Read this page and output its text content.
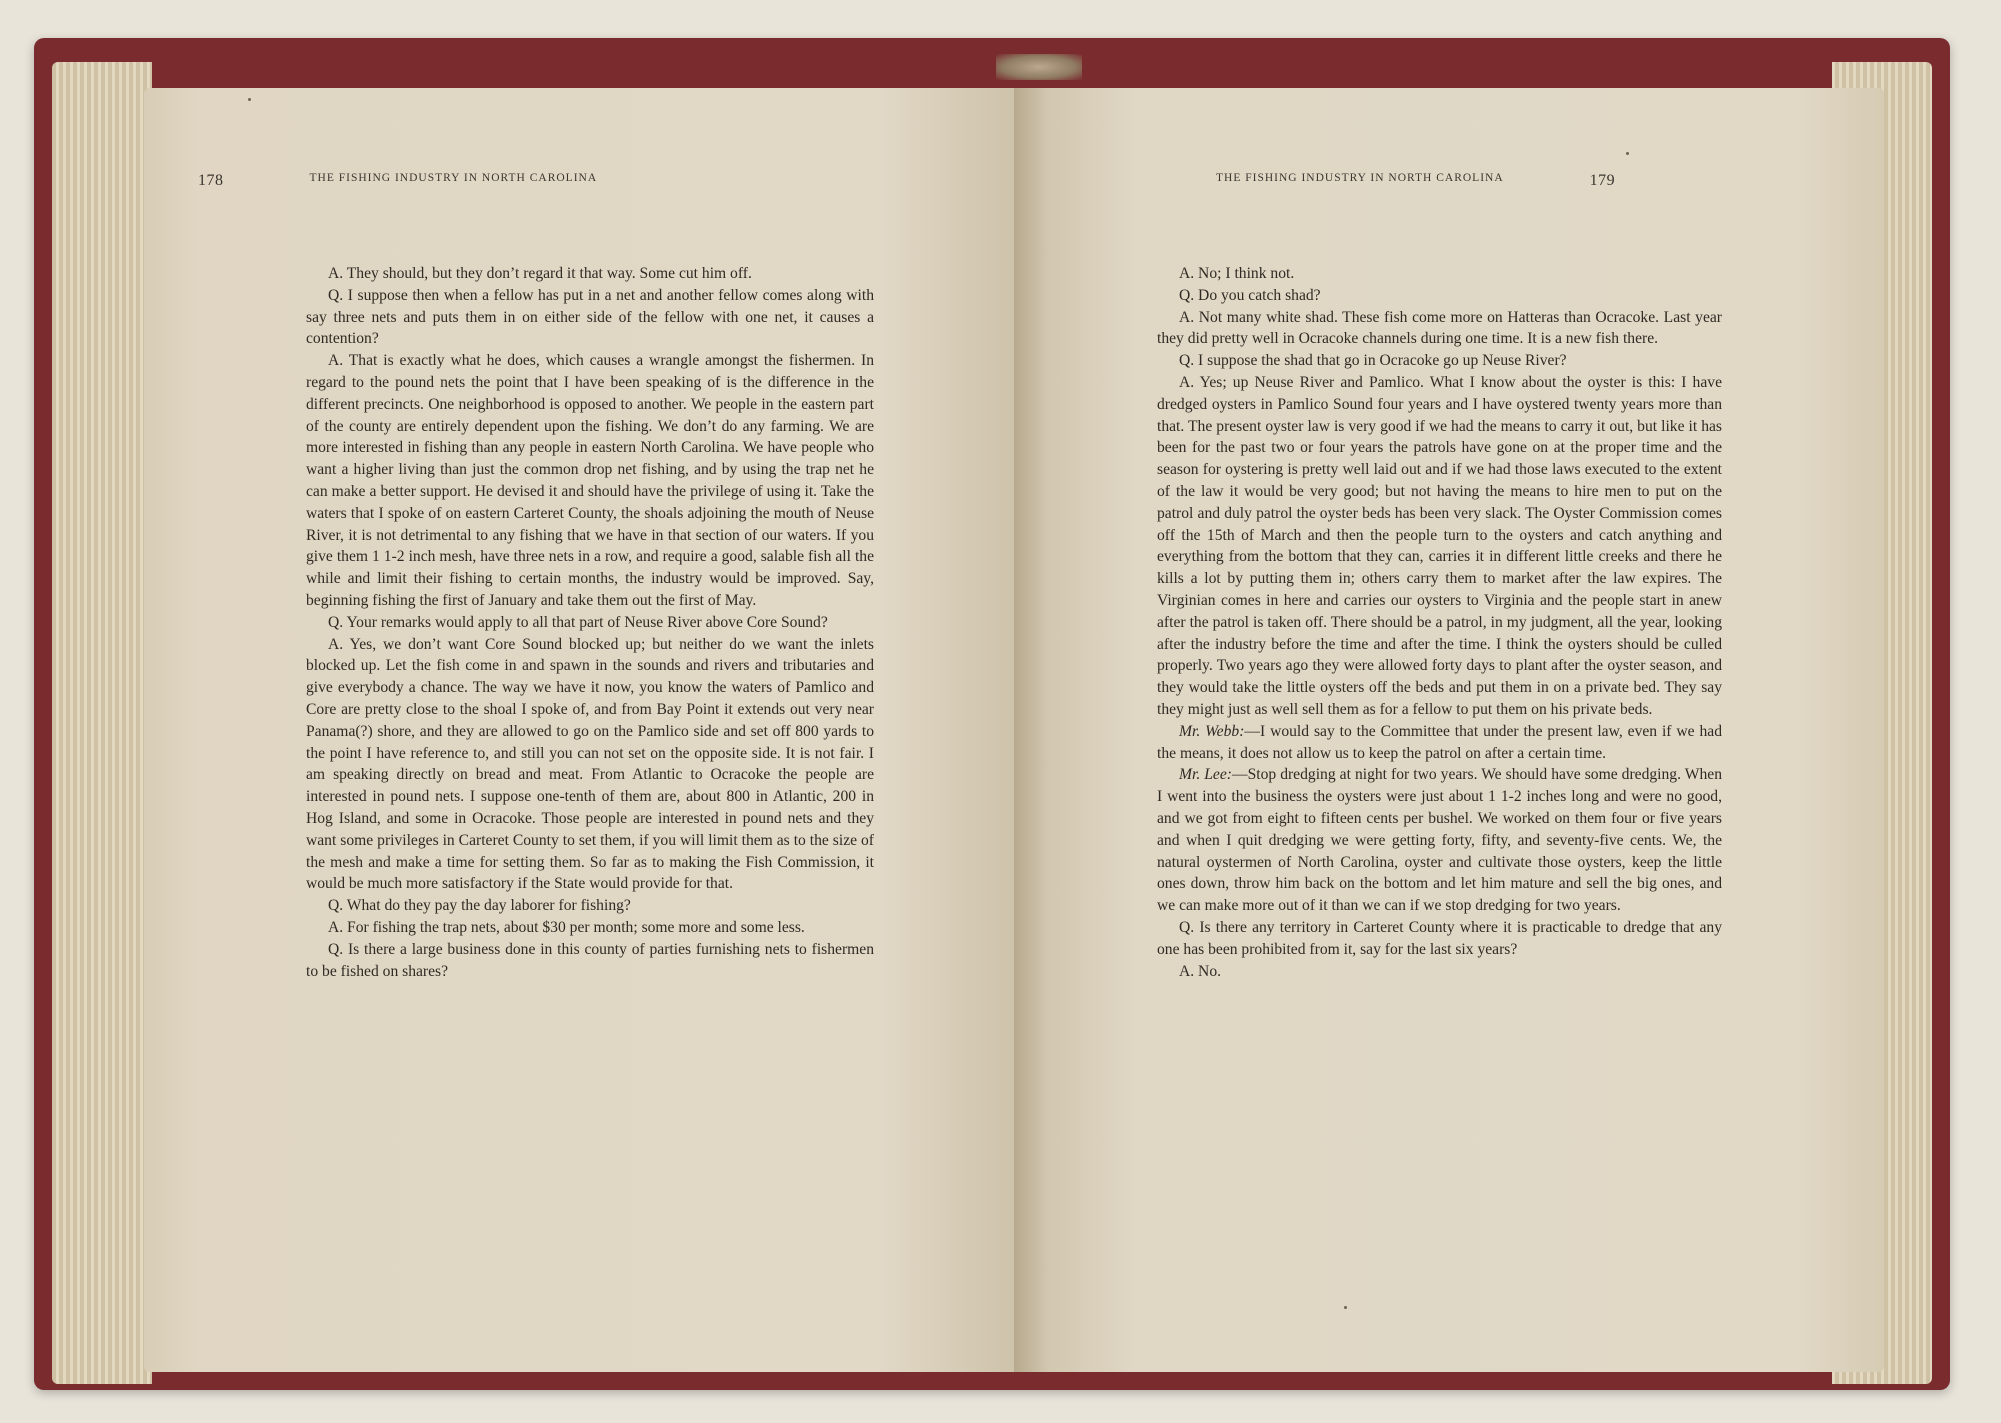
178	THE FISHING INDUSTRY IN NORTH CAROLINA	THE FISHING INDUSTRY IN NORTH CAROLINA	179

A. They should, but they don’t regard it that way. Some cut him off.

Q. I suppose then when a fellow has put in a net and another fellow comes along with say three nets and puts them in on either side of the fellow with one net, it causes a contention?

A. That is exactly what he does, which causes a wrangle amongst the fishermen. In regard to the pound nets the point that I have been speaking of is the difference in the different precincts. One neighborhood is opposed to another. We people in the eastern part of the county are entirely dependent upon the fishing. We don’t do any farming. We are more interested in fishing than any people in eastern North Carolina. We have people who want a higher living than just the common drop net fishing, and by using the trap net he can make a better support. He devised it and should have the privilege of using it. Take the waters that I spoke of on eastern Carteret County, the shoals adjoining the mouth of Neuse River, it is not detrimental to any fishing that we have in that section of our waters. If you give them 1 1-2 inch mesh, have three nets in a row, and require a good, salable fish all the while and limit their fishing to certain months, the industry would be improved. Say, beginning fishing the first of January and take them out the first of May.

Q. Your remarks would apply to all that part of Neuse River above Core Sound?

A. Yes, we don’t want Core Sound blocked up; but neither do we want the inlets blocked up. Let the fish come in and spawn in the sounds and rivers and tributaries and give everybody a chance. The way we have it now, you know the waters of Pamlico and Core are pretty close to the shoal I spoke of, and from Bay Point it extends out very near Panama(?) shore, and they are allowed to go on the Pamlico side and set off 800 yards to the point I have reference to, and still you can not set on the opposite side. It is not fair. I am speaking directly on bread and meat. From Atlantic to Ocracoke the people are interested in pound nets. I suppose one-tenth of them are, about 800 in Atlantic, 200 in Hog Island, and some in Ocracoke. Those people are interested in pound nets and they want some privileges in Carteret County to set them, if you will limit them as to the size of the mesh and make a time for setting them. So far as to making the Fish Commission, it would be much more satisfactory if the State would provide for that.

Q. What do they pay the day laborer for fishing?

A. For fishing the trap nets, about $30 per month; some more and some less.

Q. Is there a large business done in this county of parties furnishing nets to fishermen to be fished on shares?

A. No; I think not.

Q. Do you catch shad?

A. Not many white shad. These fish come more on Hatteras than Ocracoke. Last year they did pretty well in Ocracoke channels during one time. It is a new fish there.

Q. I suppose the shad that go in Ocracoke go up Neuse River?

A. Yes; up Neuse River and Pamlico. What I know about the oyster is this: I have dredged oysters in Pamlico Sound four years and I have oystered twenty years more than that. The present oyster law is very good if we had the means to carry it out, but like it has been for the past two or four years the patrols have gone on at the proper time and the season for oystering is pretty well laid out and if we had those laws executed to the extent of the law it would be very good; but not having the means to hire men to put on the patrol and duly patrol the oyster beds has been very slack. The Oyster Commission comes off the 15th of March and then the people turn to the oysters and catch anything and everything from the bottom that they can, carries it in different little creeks and there he kills a lot by putting them in; others carry them to market after the law expires. The Virginian comes in here and carries our oysters to Virginia and the people start in anew after the patrol is taken off. There should be a patrol, in my judgment, all the year, looking after the industry before the time and after the time. I think the oysters should be culled properly. Two years ago they were allowed forty days to plant after the oyster season, and they would take the little oysters off the beds and put them in on a private bed. They say they might just as well sell them as for a fellow to put them on his private beds.

Mr. Webb:—I would say to the Committee that under the present law, even if we had the means, it does not allow us to keep the patrol on after a certain time.

Mr. Lee:—Stop dredging at night for two years. We should have some dredging. When I went into the business the oysters were just about 1 1-2 inches long and were no good, and we got from eight to fifteen cents per bushel. We worked on them four or five years and when I quit dredging we were getting forty, fifty, and seventy-five cents. We, the natural oystermen of North Carolina, oyster and cultivate those oysters, keep the little ones down, throw him back on the bottom and let him mature and sell the big ones, and we can make more out of it than we can if we stop dredging for two years.

Q. Is there any territory in Carteret County where it is practicable to dredge that any one has been prohibited from it, say for the last six years?

A. No.
